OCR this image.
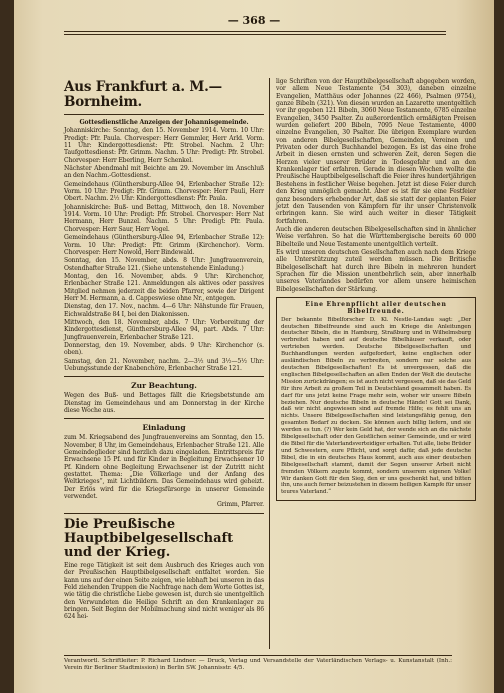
— 368 —
Aus Frankfurt a. M.—Bornheim.
Gottesdienstliche Anzeigen der Johannisgemeinde.
Johanniskirche: Sonntag, den 15. November 1914. Vorm. 10 Uhr: Predigt: Pfr. Paula. Chorvesper: Herr Gemmler, Herr Arld. Vorm. 11 Uhr: Kindergottesdienst: Pfr. Strobel. Nachm. 2 Uhr: Taufgottesdienst: Pfr. Grimm. Nachm. 5 Uhr: Predigt: Pfr. Strobel. Chorvesper: Herr Eberling, Herr Schenkel.
Nächster Abendmahl mit Beichte am 29. November im Anschluß an den Nachm.-Gottesdienst.
Gemeindehaus (Günthersburg-Allee 94, Erlenbacher Straße 12): Vorm. 10 Uhr: Predigt: Pfr. Grimm. Chorvesper: Herr Pauli, Herr Obert. Nachm. 2½ Uhr: Kindergottesdienst: Pfr. Paula.
Johanniskirche: Buß- und Bettag, Mittwoch, den 18. November 1914. Vorm. 10 Uhr: Predigt: Pfr. Strobel. Chorvesper: Herr Nat Hermann, Herr Bunzel. Nachm. 5 Uhr: Predigt: Pfr. Paula. Chorvesper: Herr Saur, Herr Vogel.
Gemeindehaus (Günthersburg-Allee 94, Erlenbacher Straße 12): Vorm. 10 Uhr: Predigt: Pfr. Grimm (Kirchenchor). Vorm. Chorvesper: Herr Nowold, Herr Bindewald.
Sonntag, den 15. November, abds. 8 Uhr: Jungfrauenverein, Ostendhafter Straße 121. (Siehe untenstehende Einladung.)
Montag, den 16. November, abds. 9 Uhr: Kirchenchor, Erlenbacher Straße 121. Anmeldungen als aktives oder passives Mitglied nehmen jederzeit die beiden Pfarrer, sowie der Dirigent Herr M. Hermann, a. d. Cappeswiese ohne Nr., entgegen.
Dienstag, den 17. Nov., nachm. 4—6 Uhr: Nähstunde für Frauen, Eichwaldstraße 84 I, bei den Diakonissen.
Mittwoch, den 18. November, abds. 7 Uhr: Vorbereitung der Kindergottesdienst, Günthersburg-Allee 94, part. Abds. 7 Uhr: Jungfrauenverein, Erlenbacher Straße 121.
Donnerstag, den 19. November, abds. 9 Uhr: Kirchenchor (s. oben).
Samstag, den 21. November, nachm. 2—3½ und 3½—5½ Uhr: Uebungsstunde der Knabenchöre, Erlenbacher Straße 121.
Zur Beachtung.
Wegen des Buß- und Bettages fällt die Kriegsbetstunde am Dienstag im Gemeindehaus und am Donnerstag in der Kirche diese Woche aus.
Einladung
zum M. Kriegsabend des Jungfrauenvereins am Sonntag, den 15. November, 8 Uhr, im Gemeindehaus, Erlenbacher Straße 121. Alle Gemeindeglieder sind herzlich dazu eingeladen. Eintrittspreis für Erwachsene 15 Pf. und für Kinder in Begleitung Erwachsener 10 Pf. Kindern ohne Begleitung Erwachsener ist der Zutritt nicht gestattet. Thema: „Die Völkerlage und der Anfang des Weltkrieges“, mit Lichtbildern. Das Gemeindehaus wird geheizt. Der Erlös wird für die Kriegsfürsorge in unserer Gemeinde verwendet.
Grimm, Pfarrer.
Die Preußische Hauptbibelgesellschaft und der Krieg.
Eine rege Tätigkeit ist seit dem Ausbruch des Krieges auch von der Preußischen Hauptbibelgesellschaft entfaltet worden. Sie kann uns auf der einen Seite zeigen, wie lebhaft bei unseren in das Feld ziehenden Truppen die Nachfrage nach dem Worte Gottes ist, wie tätig die christliche Liebe gewesen ist, durch sie unentgeltlich den Verwundeten die Heilige Schrift an den Krankenlager zu bringen. Seit Beginn der Mobilmachung sind nicht weniger als 86 624 hei-
lige Schriften von der Hauptbibelgesellschaft abgegeben worden, vor allem Neue Testamente (54 303), daneben einzelne Evangelien, Matthäus oder Johannes (22 466), Psalmen (9754), ganze Bibeln (321). Von diesen wurden an Lazarette unentgeltlich vor ihr gegeben 121 Bibeln, 3060 Neue Testamente, 6785 einzelne Evangelien, 3450 Psalter. Zu außerordentlich ermäßigten Preisen wurden geliefert 200 Bibeln, 7095 Neue Testamente, 4000 einzelne Evangelien, 30 Psalter. Die übrigen Exemplare wurden von anderen Bibelgesellschaften, Gemeinden, Vereinen und Privaten oder durch Buchhandel bezogen. Es ist das eine frohe Arbeit in diesen ernsten und schweren Zeit, deren Segen die Herzen vieler unserer Brüder in Todesgefahr und an den Krankenlager tief erfahren. Gerade in diesen Wochen wollte die Preußische Hauptbibelgesellschaft die Feier ihres hundertjährigen Bestehens in festlicher Weise begehen. Jetzt ist diese Feier durch den Krieg unmöglich gemacht. Aber es ist für sie eine Festfeier ganz besonders erhebender Art, daß sie statt der geplanten Feier jetzt den Tausenden von Kämpfern für ihr unser Christenvolk erbringen kann. Sie wird auch weiter in dieser Tätigkeit fortfahren.
Auch die anderen deutschen Bibelgesellschaften sind in ähnlicher Weise verfahren. So hat die Württembergische bereits 60 000 Bibelteile und Neue Testamente unentgeltlich verteilt.
Es wird unseren deutschen Gesellschaften auch nach dem Kriege alle Unterstützung zuteil werden müssen. Die Britische Bibelgesellschaft hat durch ihre Bibeln in mehreren hundert Sprachen für die Mission unentbehrlich sein, aber innerhalb unseres Vaterlandes bedürfen vor allem unsere heimischen Bibelgesellschaften der Stärkung.
Eine Ehrenpflicht aller deutschen Bibelfreunde.
Der bekannte Bibelforscher D. Kl. Nestle-Landau sagt: „Der deutschen Bibelfreunde sind auch im Kriege die Anleitungen deutscher Bibeln, die in Hamburg, Straßburg und in Wilhelmsburg verbreitet haben und auf deutsche Bibelhäuser verkauft, oder vertrieben werden. Deutsche Bibelgesellschaften und Buchhandlungen werden aufgefordert, keine englischen oder ausländischen Bibeln zu verbreiten, sondern nur solche aus deutschen Bibelgesellschaften! Es ist unvergessen, daß die englischen Bibelgesellschaften an allen Enden der Welt die deutsche Mission zurückdrängen; es ist auch nicht vergessen, daß sie das Geld für ihre Arbeit zu großem Teil in Deutschland gesammelt haben. Es darf für uns jetzt keine Frage mehr sein, woher wir unsere Bibeln beziehen. Nur deutsche Bibeln in deutsche Hände! Gott sei Dank, daß wir nicht angewiesen sind auf fremde Hilfe; es fehlt uns an nichts. Unsere Bibelgesellschaften sind leistungsfähig genug, den gesamten Bedarf zu decken. Sie können auch billig liefern, und sie werden es tun. (?) Wer kein Geld hat, der wende sich an die nächste Bibelgesellschaft oder den Geistlichen seiner Gemeinde, und er wird die Bibel für die Vaterlandsverteidiger erhalten. Tut alle, liebe Brüder und Schwestern, eure Pflicht, und sorgt dafür, daß jede deutsche Bibel, die in ein deutsches Haus kommt, auch aus einer deutschen Bibelgesellschaft stammt, damit der Segen unserer Arbeit nicht fremden Völkern zugute kommt, sondern unserem eigenen Volke! Wir danken Gott für den Sieg, den er uns geschenkt hat, und bitten ihn, uns auch ferner beizustehen in diesem heiligen Kampfe für unser teures Vaterland.“
Verantwortl. Schriftleiter: P. Richard Lindner. — Druck, Verlag und Versandstelle der Vaterländischen Verlags- u. Kunstanstalt (Inh.: Verein für Berliner Stadtmission) in Berlin SW. Johannisstr. 4/5.
